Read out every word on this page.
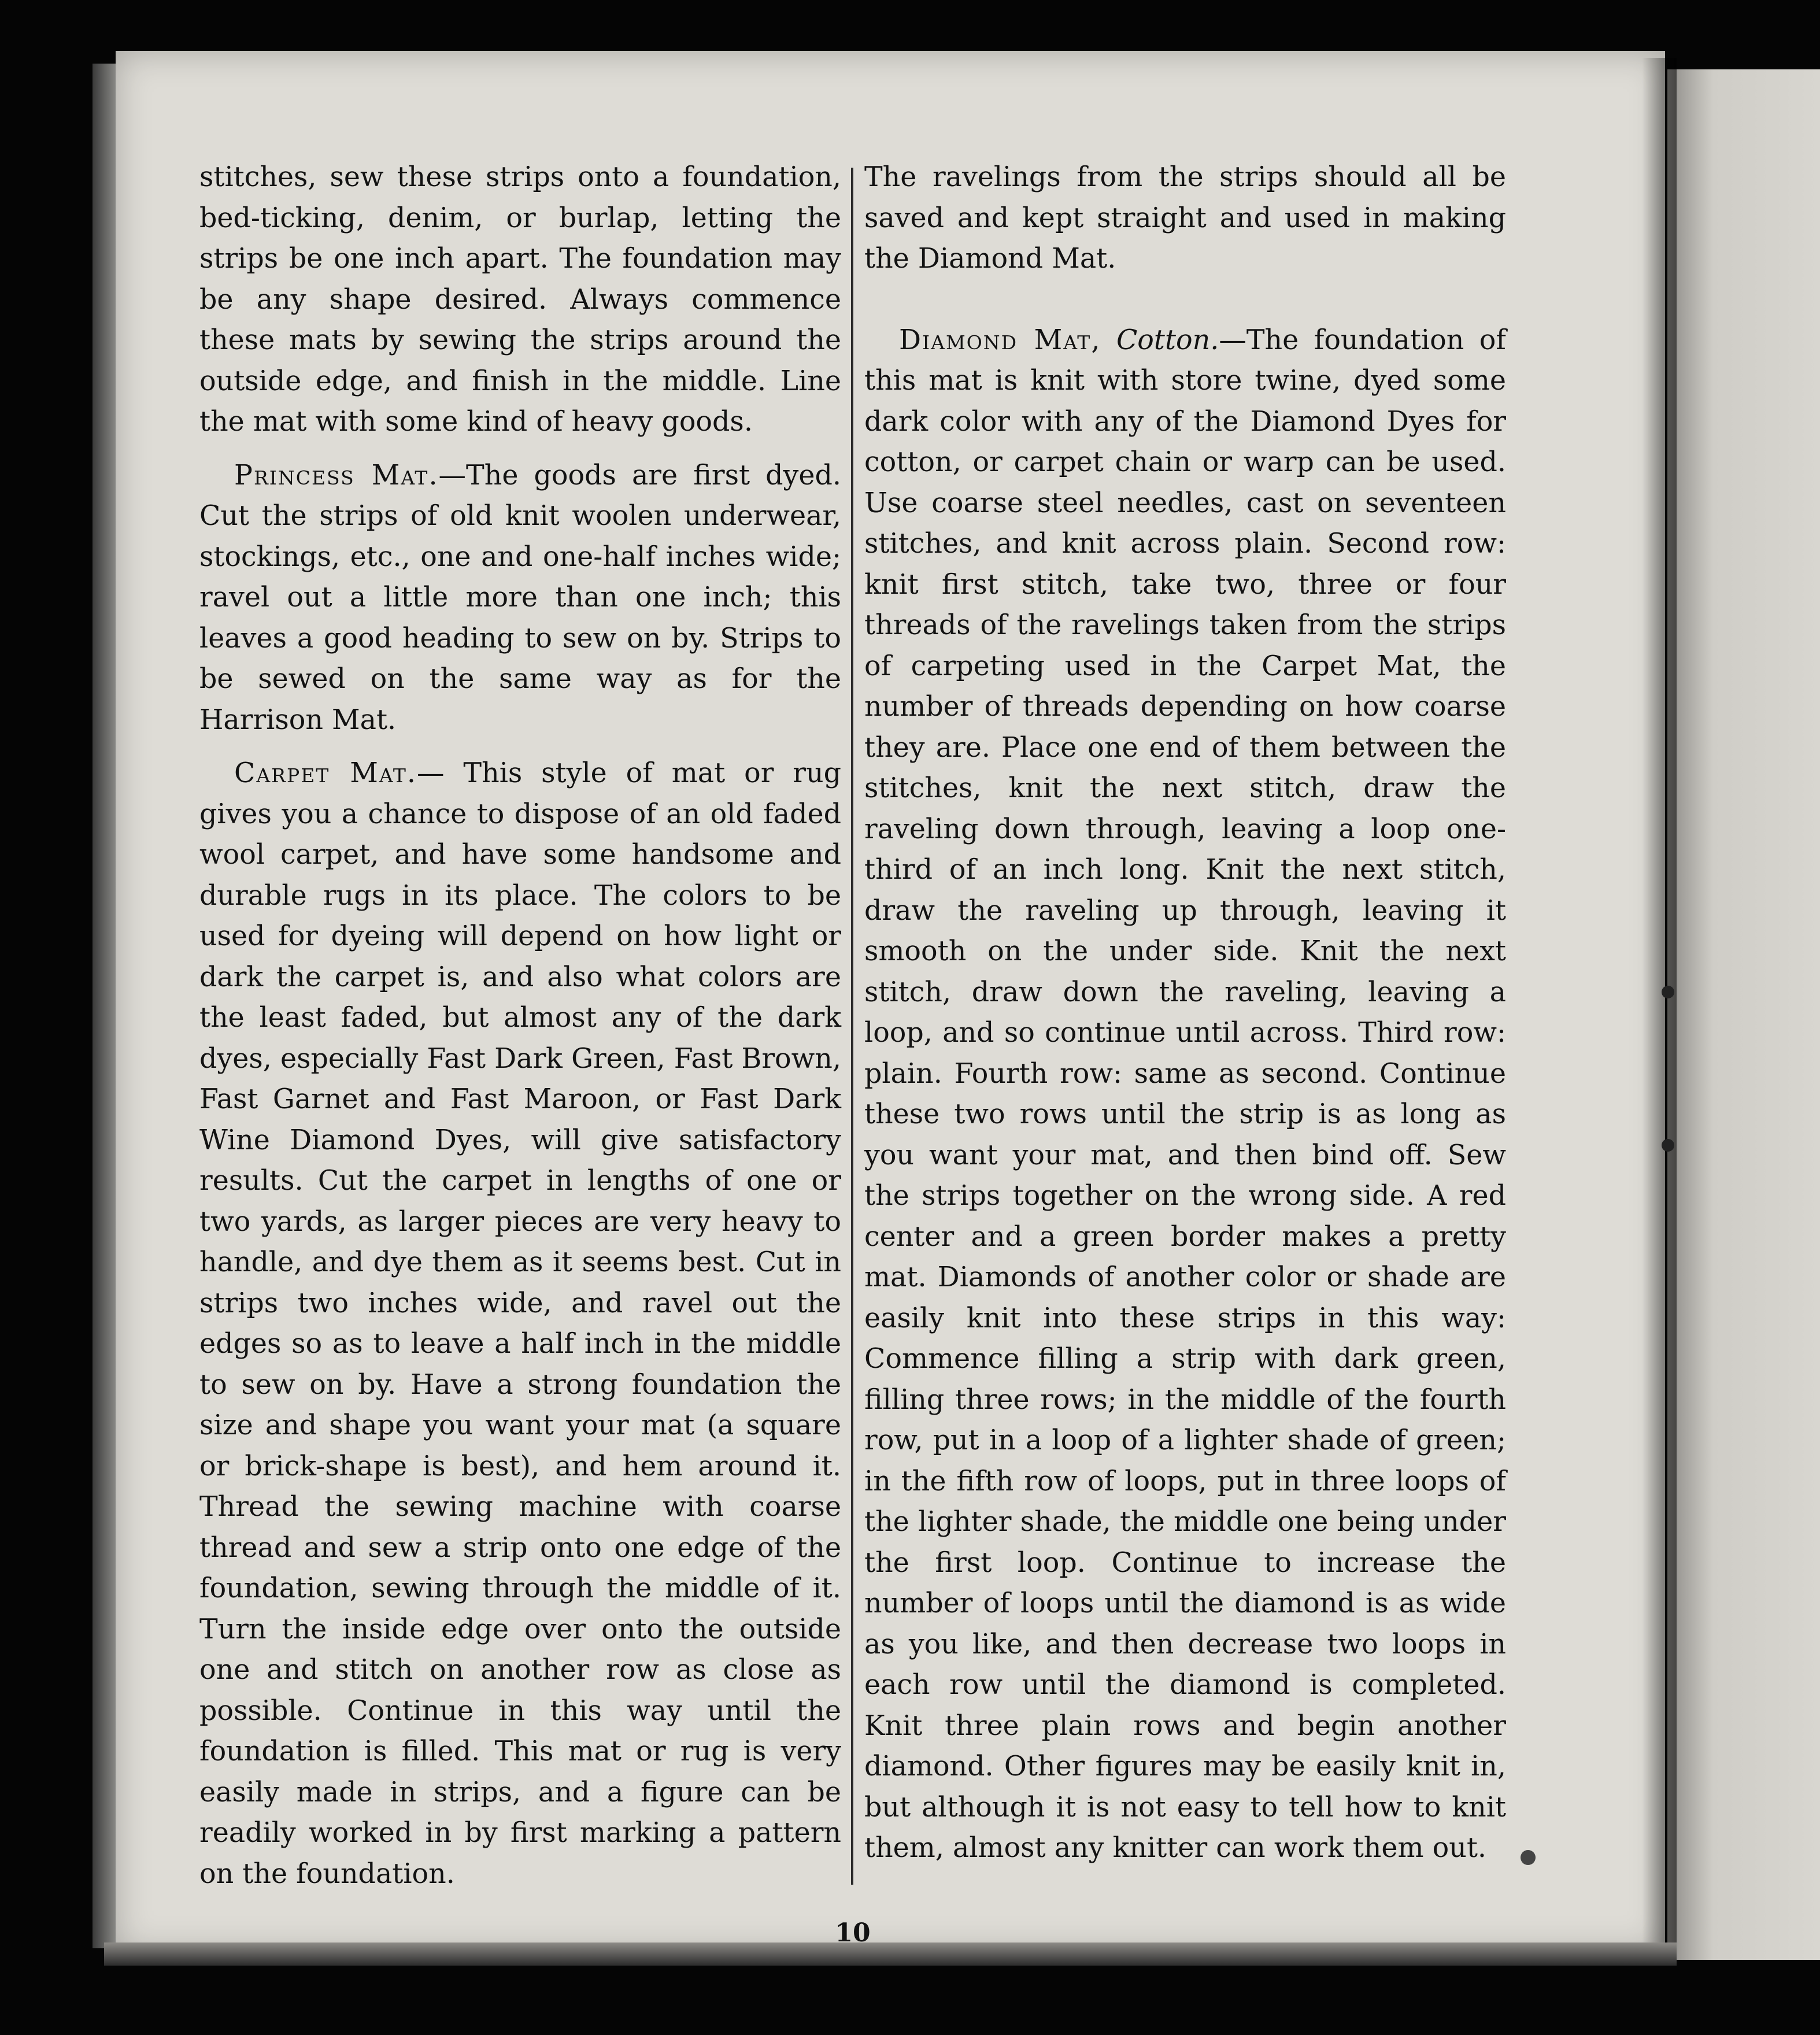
stitches, sew these strips onto a foundation, bed-ticking, denim, or burlap, letting the strips be one inch apart. The foundation may be any shape desired. Always commence these mats by sewing the strips around the outside edge, and finish in the middle. Line the mat with some kind of heavy goods.

Princess Mat.—The goods are first dyed. Cut the strips of old knit woolen underwear, stockings, etc., one and one-half inches wide; ravel out a little more than one inch; this leaves a good heading to sew on by. Strips to be sewed on the same way as for the Harrison Mat.

Carpet Mat.— This style of mat or rug gives you a chance to dispose of an old faded wool carpet, and have some handsome and durable rugs in its place. The colors to be used for dyeing will depend on how light or dark the carpet is, and also what colors are the least faded, but almost any of the dark dyes, especially Fast Dark Green, Fast Brown, Fast Garnet and Fast Maroon, or Fast Dark Wine Diamond Dyes, will give satisfactory results. Cut the carpet in lengths of one or two yards, as larger pieces are very heavy to handle, and dye them as it seems best. Cut in strips two inches wide, and ravel out the edges so as to leave a half inch in the middle to sew on by. Have a strong foundation the size and shape you want your mat (a square or brick-shape is best), and hem around it. Thread the sewing machine with coarse thread and sew a strip onto one edge of the foundation, sewing through the middle of it. Turn the inside edge over onto the outside one and stitch on another row as close as possible. Continue in this way until the foundation is filled. This mat or rug is very easily made in strips, and a figure can be readily worked in by first marking a pattern on the foundation.

The ravelings from the strips should all be saved and kept straight and used in making the Diamond Mat.

Diamond Mat, Cotton.—The foundation of this mat is knit with store twine, dyed some dark color with any of the Diamond Dyes for cotton, or carpet chain or warp can be used. Use coarse steel needles, cast on seventeen stitches, and knit across plain. Second row: knit first stitch, take two, three or four threads of the ravelings taken from the strips of carpeting used in the Carpet Mat, the number of threads depending on how coarse they are. Place one end of them between the stitches, knit the next stitch, draw the raveling down through, leaving a loop one-third of an inch long. Knit the next stitch, draw the raveling up through, leaving it smooth on the under side. Knit the next stitch, draw down the raveling, leaving a loop, and so continue until across. Third row: plain. Fourth row: same as second. Continue these two rows until the strip is as long as you want your mat, and then bind off. Sew the strips together on the wrong side. A red center and a green border makes a pretty mat. Diamonds of another color or shade are easily knit into these strips in this way: Commence filling a strip with dark green, filling three rows; in the middle of the fourth row, put in a loop of a lighter shade of green; in the fifth row of loops, put in three loops of the lighter shade, the middle one being under the first loop. Continue to increase the number of loops until the diamond is as wide as you like, and then decrease two loops in each row until the diamond is completed. Knit three plain rows and begin another diamond. Other figures may be easily knit in, but although it is not easy to tell how to knit them, almost any knitter can work them out.

10
